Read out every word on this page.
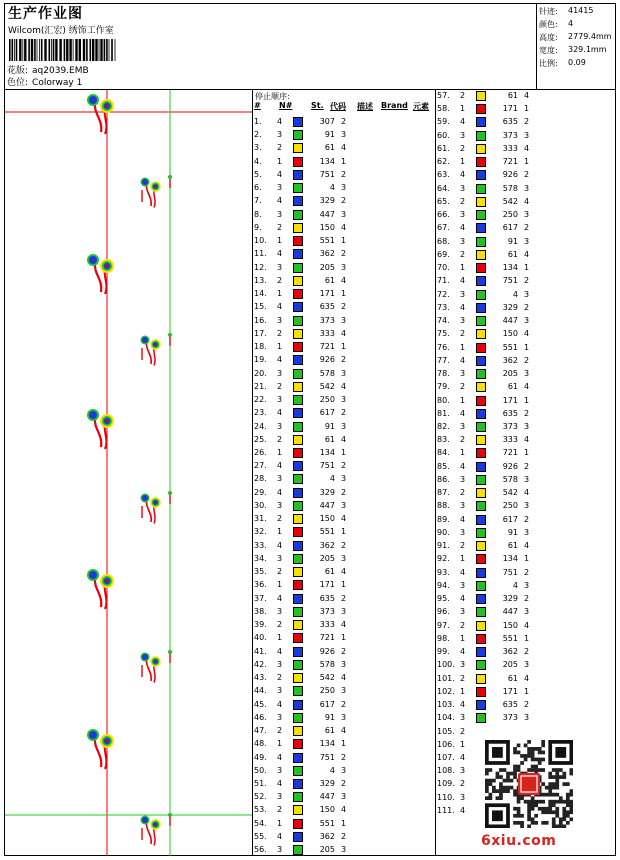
生产作业图
Wilcom(汇宏) 绣饰工作室
花版: aq2039.EMB
色位: Colorway 1
针迹: 41415
颜色: 4
高度: 2779.4mm
宽度: 329.1mm
比例: 0.09
停止顺序:
# N# St. 代码 描述 Brand 元素
1. 4	307 2
2. 3	91 3
3. 2	61 4
4. 1	134 1
5. 4	751 2
6. 3	4 3
7. 4	329 2
8. 3	447 3
9. 2	150 4
10. 1	551 1
11. 4	362 2
12. 3	205 3
13. 2	61 4
14. 1	171 1
15. 4	635 2
16. 3	373 3
17. 2	333 4
18. 1	721 1
19. 4	926 2
20. 3	578 3
21. 2	542 4
22. 3	250 3
23. 4	617 2
24. 3	91 3
25. 2	61 4
26. 1	134 1
27. 4	751 2
28. 3	4 3
29. 4	329 2
30. 3	447 3
31. 2	150 4
32. 1	551 1
33. 4	362 2
34. 3	205 3
35. 2	61 4
36. 1	171 1
37. 4	635 2
38. 3	373 3
39. 2	333 4
40. 1	721 1
41. 4	926 2
42. 3	578 3
43. 2	542 4
44. 3	250 3
45. 4	617 2
46. 3	91 3
47. 2	61 4
48. 1	134 1
49. 4	751 2
50. 3	4 3
51. 4	329 2
52. 3	447 3
53. 2	150 4
54. 1	551 1
55. 4	362 2
56. 3	205 3
57. 2	61 4
58. 1	171 1
59. 4	635 2
60. 3	373 3
61. 2	333 4
62. 1	721 1
63. 4	926 2
64. 3	578 3
65. 2	542 4
66. 3	250 3
67. 4	617 2
68. 3	91 3
69. 2	61 4
70. 1	134 1
71. 4	751 2
72. 3	4 3
73. 4	329 2
74. 3	447 3
75. 2	150 4
76. 1	551 1
77. 4	362 2
78. 3	205 3
79. 2	61 4
80. 1	171 1
81. 4	635 2
82. 3	373 3
83. 2	333 4
84. 1	721 1
85. 4	926 2
86. 3	578 3
87. 2	542 4
88. 3	250 3
89. 4	617 2
90. 3	91 3
91. 2	61 4
92. 1	134 1
93. 4	751 2
94. 3	4 3
95. 4	329 2
96. 3	447 3
97. 2	150 4
98. 1	551 1
99. 4	362 2
100. 3	205 3
101. 2	61 4
102. 1	171 1
103. 4	635 2
104. 3	373 3
105. 2
106. 1
107. 4
108. 3
109. 2
110. 3
111. 4
6xiu.com
